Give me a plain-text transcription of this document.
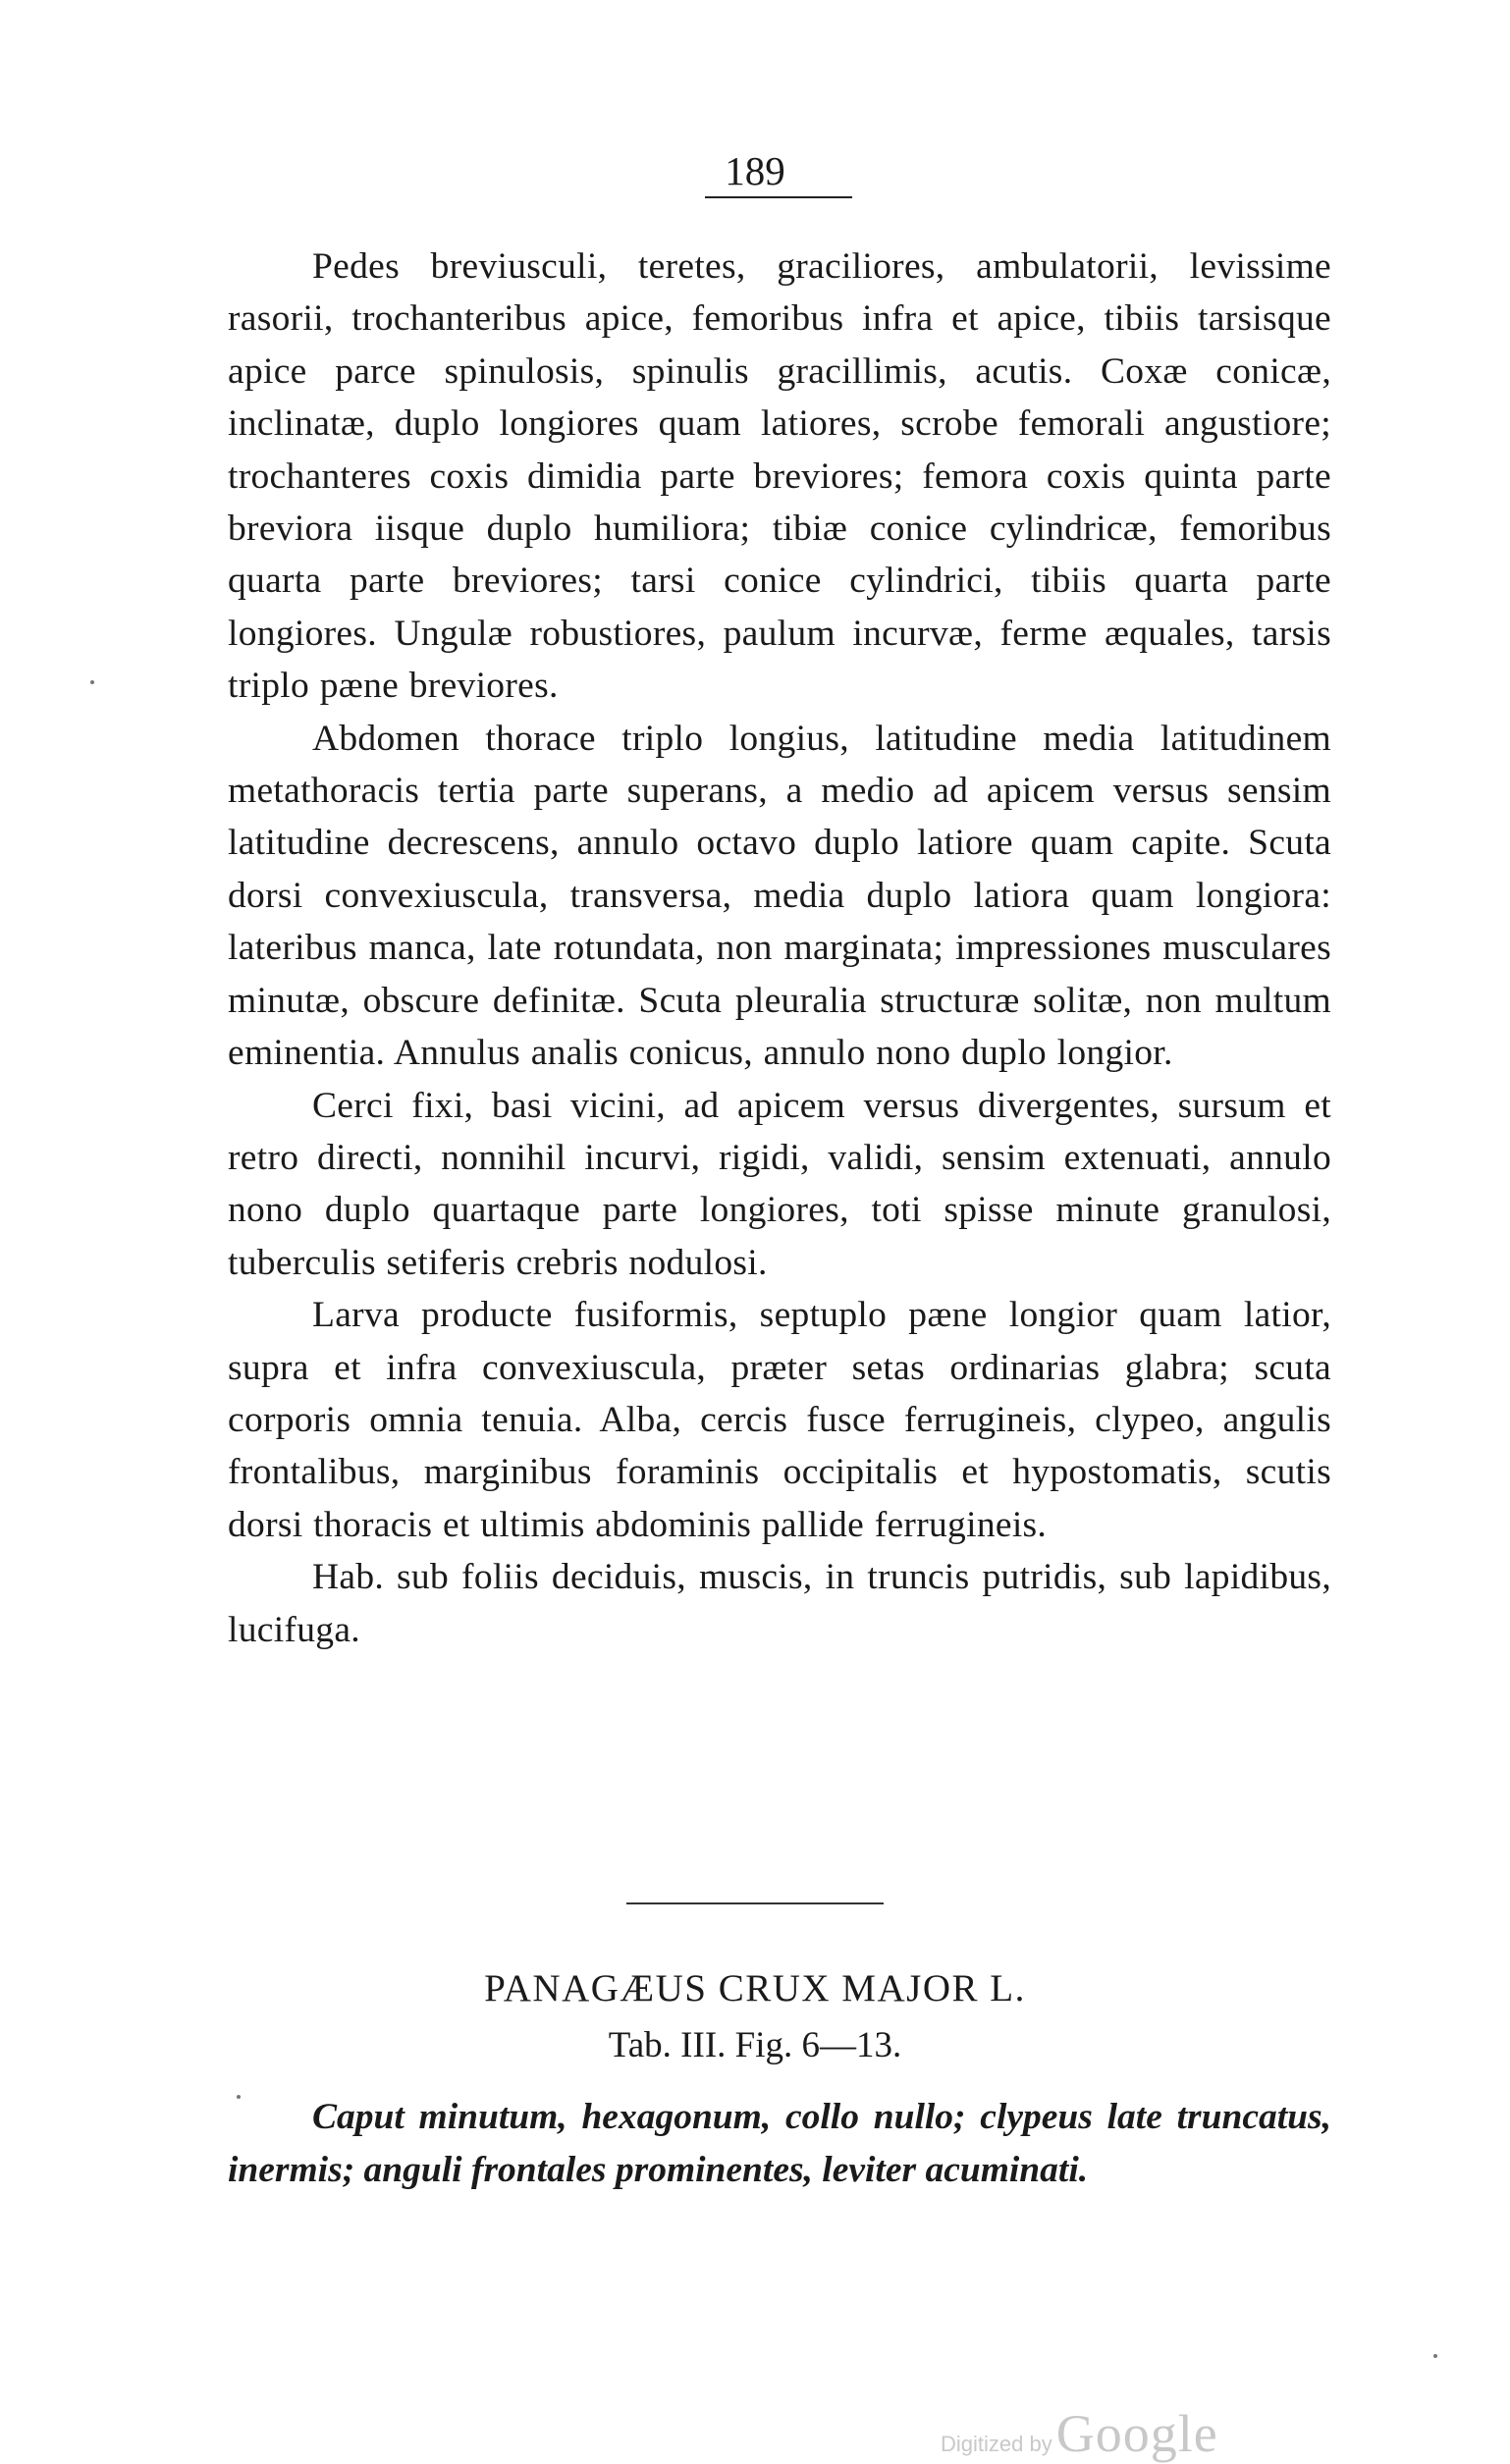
189

Pedes breviusculi, teretes, graciliores, ambulatorii, levissime rasorii, trochanteribus apice, femoribus infra et apice, tibiis tarsisque apice parce spinulosis, spinulis gracillimis, acutis. Coxæ conicæ, inclinatæ, duplo longiores quam latiores, scrobe femorali angustiore; trochanteres coxis dimidia parte breviores; femora coxis quinta parte breviora iisque duplo humiliora; tibiæ conice cylindricæ, femoribus quarta parte breviores; tarsi conice cylindrici, tibiis quarta parte longiores. Ungulæ robustiores, paulum incurvæ, ferme æquales, tarsis triplo pæne breviores.

Abdomen thorace triplo longius, latitudine media latitudinem metathoracis tertia parte superans, a medio ad apicem versus sensim latitudine decrescens, annulo octavo duplo latiore quam capite. Scuta dorsi convexiuscula, transversa, media duplo latiora quam longiora: lateribus manca, late rotundata, non marginata; impressiones musculares minutæ, obscure definitæ. Scuta pleuralia structuræ solitæ, non multum eminentia. Annulus analis conicus, annulo nono duplo longior.

Cerci fixi, basi vicini, ad apicem versus divergentes, sursum et retro directi, nonnihil incurvi, rigidi, validi, sensim extenuati, annulo nono duplo quartaque parte longiores, toti spisse minute granulosi, tuberculis setiferis crebris nodulosi.

Larva producte fusiformis, septuplo pæne longior quam latior, supra et infra convexiuscula, præter setas ordinarias glabra; scuta corporis omnia tenuia. Alba, cercis fusce ferrugineis, clypeo, angulis frontalibus, marginibus foraminis occipitalis et hypostomatis, scutis dorsi thoracis et ultimis abdominis pallide ferrugineis.

Hab. sub foliis deciduis, muscis, in truncis putridis, sub lapidibus, lucifuga.

PANAGÆUS CRUX MAJOR L.
Tab. III. Fig. 6—13.

Caput minutum, hexagonum, collo nullo; clypeus late truncatus, inermis; anguli frontales prominentes, leviter acuminati.

Digitized by Google
